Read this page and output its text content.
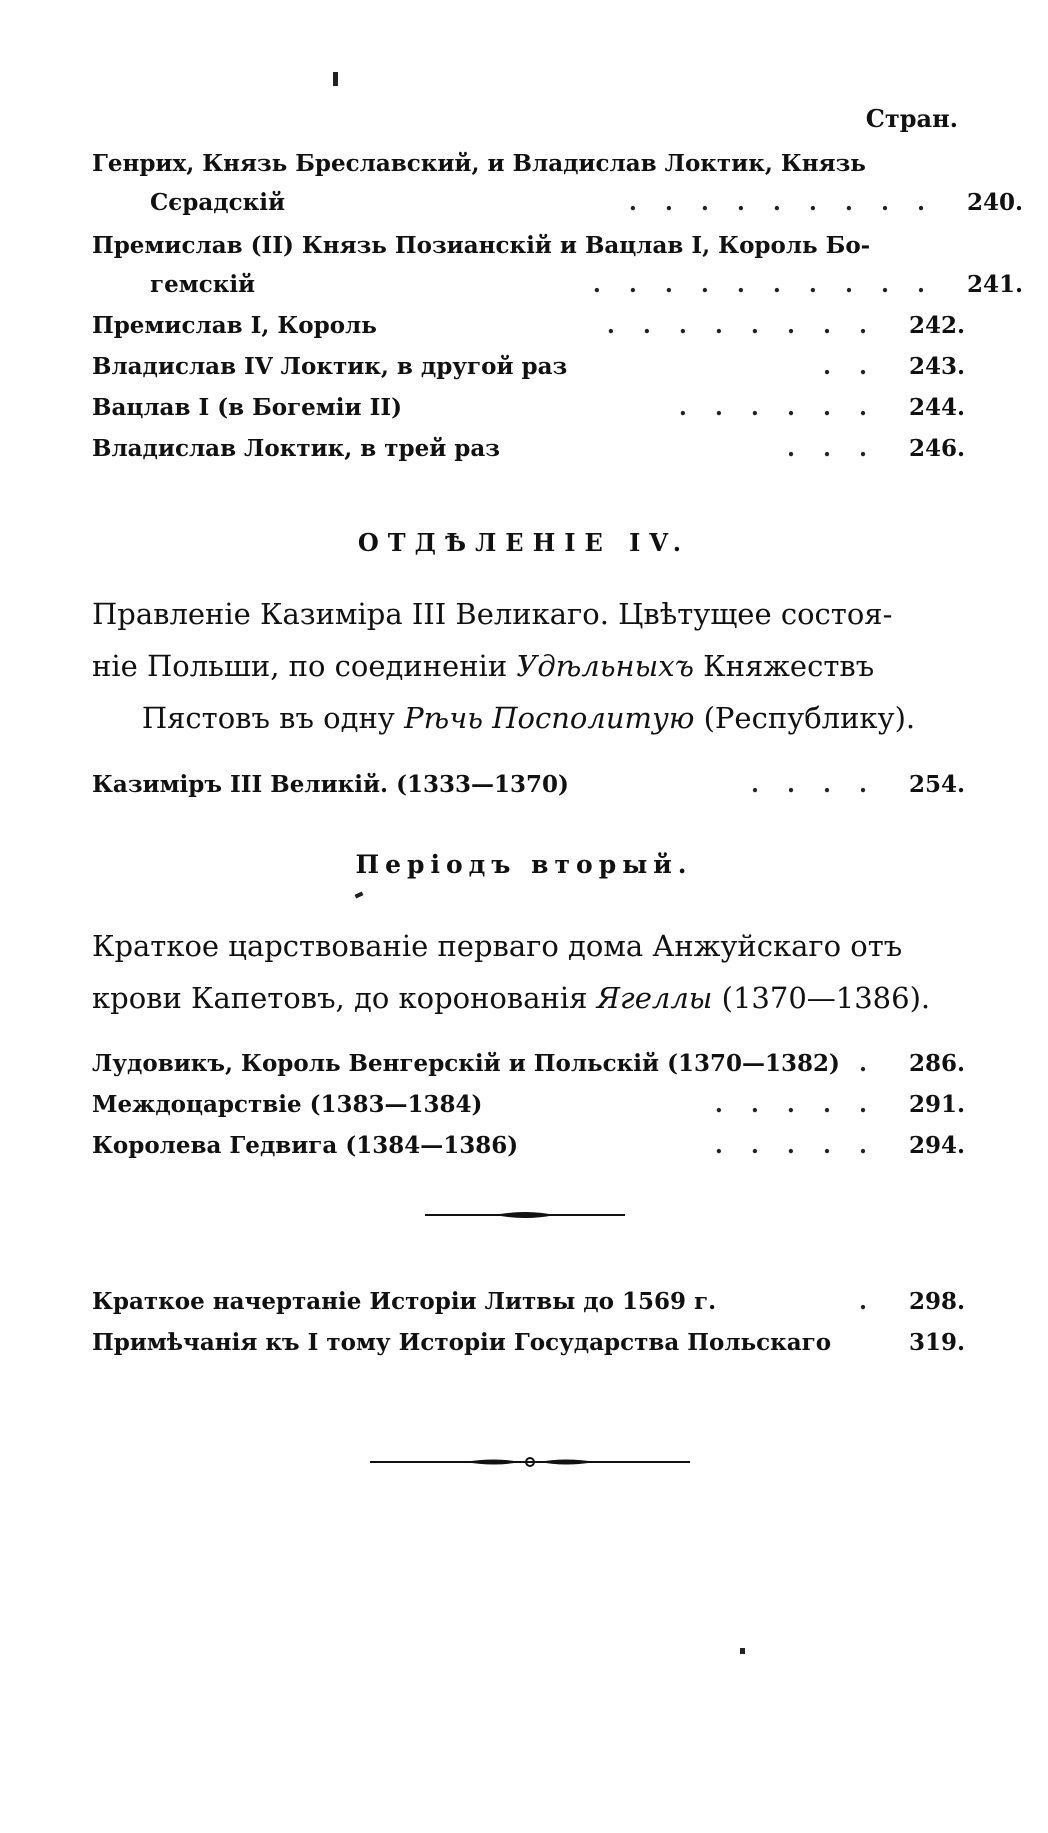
Стран.
Генрих, Князь Бреславский, и Владислав Локтик, Князь
Сєрадскій	......... 240.
Премислав (II) Князь Позианскій и Вацлав I, Король Бо-
гемскій	.......... 241.
Премислав I, Король	........ 242.
Владислав IV Локтик, в другой раз	.. 243.
Вацлав I (в Богеміи II)	...... 244.
Владислав Локтик, в трей раз	... 246.
ОТДѢЛЕНІЕ IV.
Правленіе Казиміра III Великаго. Цвѣтущее состоя-
ніе Польши, по соединеніи Удѣльныхъ Княжествъ

Пястовъ въ одну Рѣчь Посполитую (Республику).
Казиміръ III Великій. (1333—1370)	.... 254.
Періодъ вторый.
Краткое царствованіе перваго дома Анжуйскаго отъ
крови Капетовъ, до коронованія Ягеллы (1370—1386).
Лудовикъ, Король Венгерскій и Польскій (1370—1382) . 286.
Междоцарствіе (1383—1384)	..... 291.
Королева Гедвига (1384—1386)	..... 294.
Краткое начертаніе Исторіи Литвы до 1569 г.	. 298.
Примѣчанія къ I тому Исторіи Государства Польскаго	319.
